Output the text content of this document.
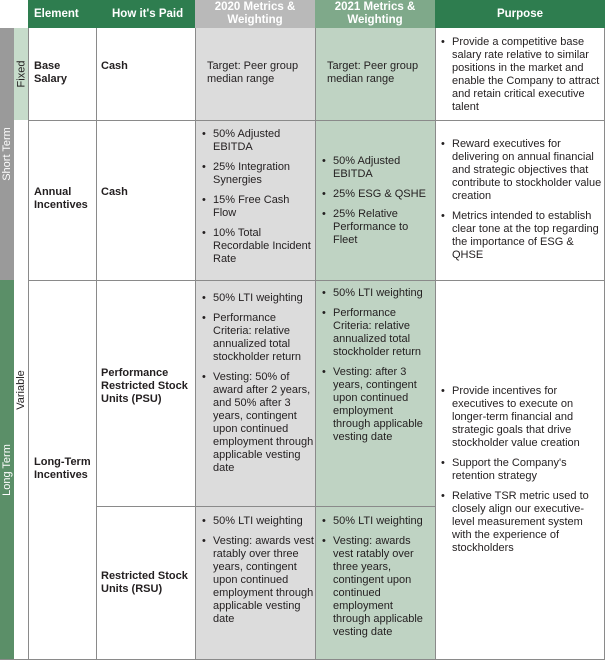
Element	How it's Paid
2020 Metrics & Weighting
2021 Metrics & Weighting
Purpose
Short Term
Long Term
Fixed
Variable
Base Salary
Cash	Target: Peer group median range
Target: Peer group median range
• Provide a competitive base salary rate relative to similar positions in the market and enable the Company to attract and retain critical executive talent
Annual Incentives
Cash
• 50% Adjusted EBITDA
• 25% Integration Synergies
• 15% Free Cash Flow
• 10% Total Recordable Incident Rate
• 50% Adjusted EBITDA
• 25% ESG & QSHE
• 25% Relative Performance to Fleet
• Reward executives for delivering on annual financial and strategic objectives that contribute to stockholder value creation
• Metrics intended to establish clear tone at the top regarding the importance of ESG & QHSE
Long-Term Incentives
• Provide incentives for executives to execute on longer-term financial and strategic goals that drive stockholder value creation
• Support the Company's retention strategy
• Relative TSR metric used to closely align our executive-level measurement system with the experience of stockholders
Performance Restricted Stock Units (PSU)
• 50% LTI weighting
• Performance Criteria: relative annualized total stockholder return
• Vesting: 50% of award after 2 years, and 50% after 3 years, contingent upon continued employment through applicable vesting date
• 50% LTI weighting
• Performance Criteria: relative annualized total stockholder return
• Vesting: after 3 years, contingent upon continued employment through applicable vesting date
Restricted Stock Units (RSU)
• 50% LTI weighting
• Vesting: awards vest ratably over three years, contingent upon continued employment through applicable vesting date
• 50% LTI weighting
• Vesting: awards vest ratably over three years, contingent upon continued employment through applicable vesting date
